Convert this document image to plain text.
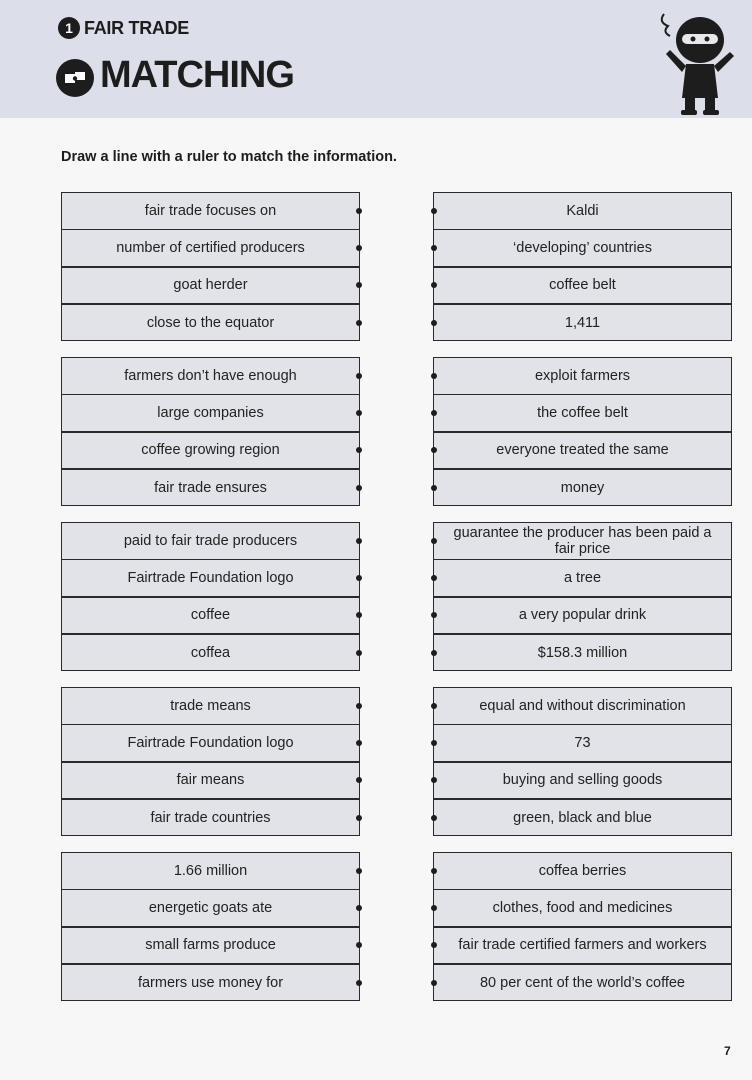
1 FAIR TRADE
MATCHING
Draw a line with a ruler to match the information.
fair trade focuses on
number of certified producers
goat herder
close to the equator
Kaldi
‘developing’ countries
coffee belt
1,411
farmers don’t have enough
large companies
coffee growing region
fair trade ensures
exploit farmers
the coffee belt
everyone treated the same
money
paid to fair trade producers
Fairtrade Foundation logo
coffee
coffea
guarantee the producer has been paid a fair price
a tree
a very popular drink
$158.3 million
trade means
Fairtrade Foundation logo
fair means
fair trade countries
equal and without discrimination
73
buying and selling goods
green, black and blue
1.66 million
energetic goats ate
small farms produce
farmers use money for
coffea berries
clothes, food and medicines
fair trade certified farmers and workers
80 per cent of the world’s coffee
7
